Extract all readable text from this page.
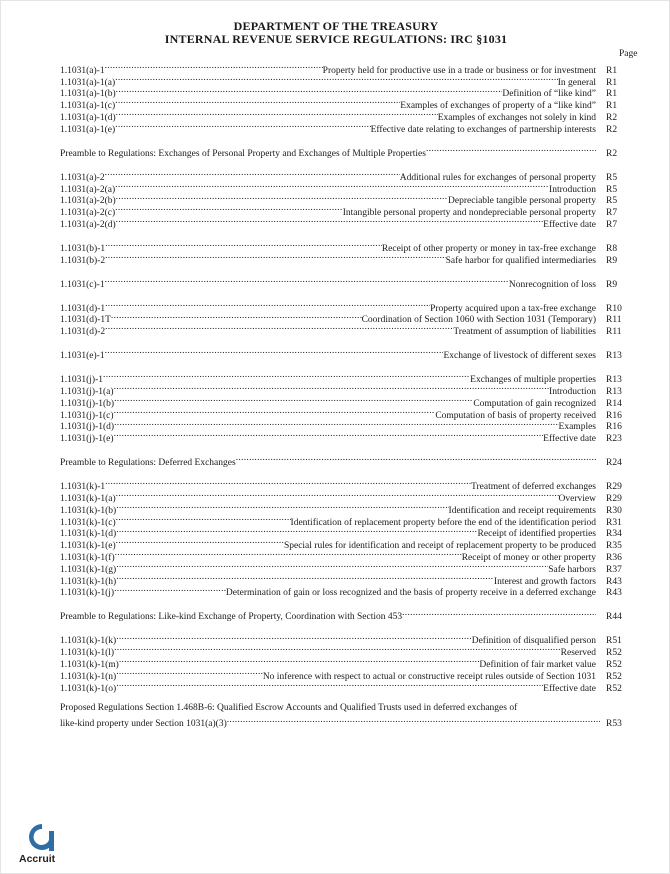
DEPARTMENT OF THE TREASURY
INTERNAL REVENUE SERVICE REGULATIONS: IRC §1031
Page
1.1031(a)-1 .....	Property held for productive use in a trade or business or for investment	R1
1.1031(a)-1(a) .....	In general	R1
1.1031(a)-1(b) .....	Definition of “like kind”	R1
1.1031(a)-1(c) .....	Examples of exchanges of property of a “like kind”	R1
1.1031(a)-1(d) .....	Examples of exchanges not solely in kind	R2
1.1031(a)-1(e) .....	Effective date relating to exchanges of partnership interests	R2
Preamble to Regulations: Exchanges of Personal Property and Exchanges of Multiple Properties .....	R2
1.1031(a)-2 .....	Additional rules for exchanges of personal property	R5
1.1031(a)-2(a) .....	Introduction	R5
1.1031(a)-2(b) .....	Depreciable tangible personal property	R5
1.1031(a)-2(c) .....	Intangible personal property and nondepreciable personal property	R7
1.1031(a)-2(d) .....	Effective date	R7
1.1031(b)-1 .....	Receipt of other property or money in tax-free exchange	R8
1.1031(b)-2 .....	Safe harbor for qualified intermediaries	R9
1.1031(c)-1 .....	Nonrecognition of loss	R9
1.1031(d)-1 .....	Property acquired upon a tax-free exchange	R10
1.1031(d)-1T .....	Coordination of Section 1060 with Section 1031 (Temporary)	R11
1.1031(d)-2 .....	Treatment of assumption of liabilities	R11
1.1031(e)-1 .....	Exchange of livestock of different sexes	R13
1.1031(j)-1 .....	Exchanges of multiple properties	R13
1.1031(j)-1(a) .....	Introduction	R13
1.1031(j)-1(b) .....	Computation of gain recognized	R14
1.1031(j)-1(c) .....	Computation of basis of property received	R16
1.1031(j)-1(d) .....	Examples	R16
1.1031(j)-1(e) .....	Effective date	R23
Preamble to Regulations: Deferred Exchanges .....	R24
1.1031(k)-1 .....	Treatment of deferred exchanges	R29
1.1031(k)-1(a) .....	Overview	R29
1.1031(k)-1(b) .....	Identification and receipt requirements	R30
1.1031(k)-1(c) .....	Identification of replacement property before the end of the identification period	R31
1.1031(k)-1(d) .....	Receipt of identified properties	R34
1.1031(k)-1(e) .....	Special rules for identification and receipt of replacement property to be produced	R35
1.1031(k)-1(f) .....	Receipt of money or other property	R36
1.1031(k)-1(g) .....	Safe harbors	R37
1.1031(k)-1(h) .....	Interest and growth factors	R43
1.1031(k)-1(j) .....	Determination of gain or loss recognized and the basis of property receive in a deferred exchange	R43
Preamble to Regulations: Like-kind Exchange of Property, Coordination with Section 453 .....	R44
1.1031(k)-1(k) .....	Definition of disqualified person	R51
1.1031(k)-1(l) .....	Reserved	R52
1.1031(k)-1(m) .....	Definition of fair market value	R52
1.1031(k)-1(n) .....	No inference with respect to actual or constructive receipt rules outside of Section 1031	R52
1.1031(k)-1(o) .....	Effective date	R52
Proposed Regulations Section 1.468B-6: Qualified Escrow Accounts and Qualified Trusts used in deferred exchanges of
like-kind property under Section 1031(a)(3) .....	R53
Accruit
